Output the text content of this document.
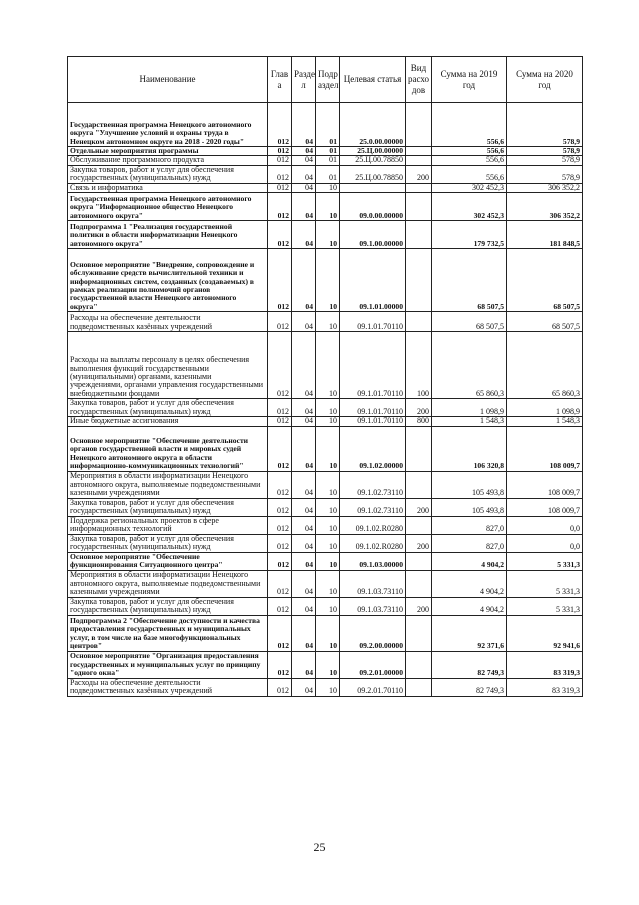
Наименование	Глав а	Разде л	Подр аздел	Целевая статья	Вид расхо дов	Сумма на 2019 год	Сумма на 2020 год
Государственная программа Ненецкого автономного округа "Улучшение условий и охраны труда в Ненецком автономном округе на 2018 - 2020 годы"	012	04	01	25.0.00.00000		556,6	578,9
Отдельные мероприятия программы	012	04	01	25.Ц.00.00000		556,6	578,9
Обслуживание программного продукта	012	04	01	25.Ц.00.78850		556,6	578,9
Закупка товаров, работ и услуг для обеспечения государственных (муниципальных) нужд	012	04	01	25.Ц.00.78850	200	556,6	578,9
Связь и информатика	012	04	10			302 452,3	306 352,2
Государственная программа Ненецкого автономного округа "Информационное общество Ненецкого автономного округа"	012	04	10	09.0.00.00000		302 452,3	306 352,2
Подпрограмма 1 "Реализация государственной политики в области информатизации Ненецкого автономного округа"	012	04	10	09.1.00.00000		179 732,5	181 848,5
Основное мероприятие "Внедрение, сопровождение и обслуживание средств вычислительной техники и информационных систем, созданных (создаваемых) в рамках реализации полномочий органов государственной власти Ненецкого автономного округа"	012	04	10	09.1.01.00000		68 507,5	68 507,5
Расходы на обеспечение деятельности подведомственных казённых учреждений	012	04	10	09.1.01.70110		68 507,5	68 507,5
Расходы на выплаты персоналу в целях обеспечения выполнения функций государственными (муниципальными) органами, казенными учреждениями, органами управления государственными внебюджетными фондами	012	04	10	09.1.01.70110	100	65 860,3	65 860,3
Закупка товаров, работ и услуг для обеспечения государственных (муниципальных) нужд	012	04	10	09.1.01.70110	200	1 098,9	1 098,9
Иные бюджетные ассигнования	012	04	10	09.1.01.70110	800	1 548,3	1 548,3
Основное мероприятие "Обеспечение деятельности органов государственной власти и мировых судей Ненецкого автономного округа в области информационно-коммуникационных технологий"	012	04	10	09.1.02.00000		106 320,8	108 009,7
Мероприятия в области информатизации Ненецкого автономного округа, выполняемые подведомственными казенными учреждениями	012	04	10	09.1.02.73110		105 493,8	108 009,7
Закупка товаров, работ и услуг для обеспечения государственных (муниципальных) нужд	012	04	10	09.1.02.73110	200	105 493,8	108 009,7
Поддержка региональных проектов в сфере информационных технологий	012	04	10	09.1.02.R0280		827,0	0,0
Закупка товаров, работ и услуг для обеспечения государственных (муниципальных) нужд	012	04	10	09.1.02.R0280	200	827,0	0,0
Основное мероприятие "Обеспечение функционирования Ситуационного центра"	012	04	10	09.1.03.00000		4 904,2	5 331,3
Мероприятия в области информатизации Ненецкого автономного округа, выполняемые подведомственными казенными учреждениями	012	04	10	09.1.03.73110		4 904,2	5 331,3
Закупка товаров, работ и услуг для обеспечения государственных (муниципальных) нужд	012	04	10	09.1.03.73110	200	4 904,2	5 331,3
Подпрограмма 2 "Обеспечение доступности и качества предоставления государственных и муниципальных услуг, в том числе на базе многофункциональных центров"	012	04	10	09.2.00.00000		92 371,6	92 941,6
Основное мероприятие "Организация предоставления государственных и муниципальных услуг по принципу "одного окна"	012	04	10	09.2.01.00000		82 749,3	83 319,3
Расходы на обеспечение деятельности подведомственных казённых учреждений	012	04	10	09.2.01.70110		82 749,3	83 319,3
25
